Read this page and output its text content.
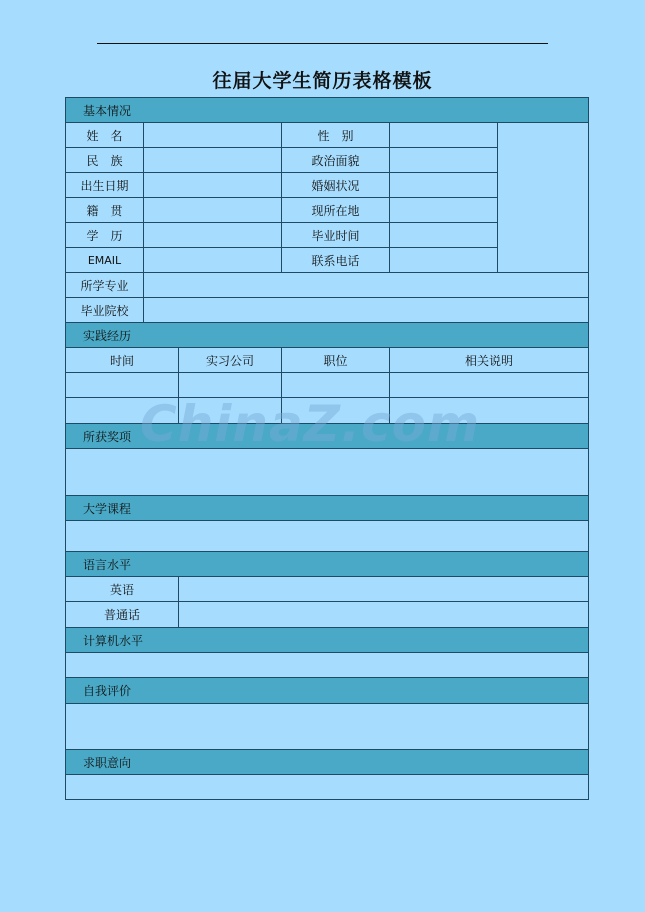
往届大学生简历表格模板
基本情况
姓　名	性　别
民　族	政治面貌
出生日期	婚姻状况
籍　贯	现所在地
学　历	毕业时间
EMAIL	联系电话
所学专业
毕业院校
实践经历
时间	实习公司	职位	相关说明
所获奖项
大学课程
语言水平
英语
普通话
计算机水平
自我评价
求职意向
ChinaZ.com
